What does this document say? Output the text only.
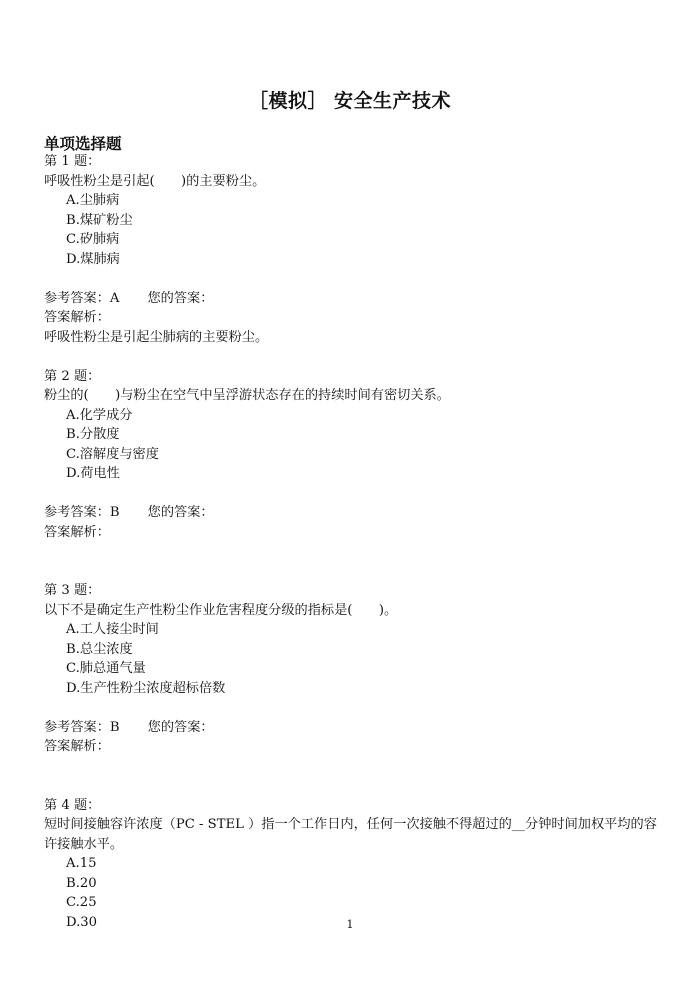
［模拟］ 安全生产技术
单项选择题
第 1 题：
呼吸性粉尘是引起(　　)的主要粉尘。
A.尘肺病
B.煤矿粉尘
C.矽肺病
D.煤肺病
参考答案：A 您的答案：
答案解析：
呼吸性粉尘是引起尘肺病的主要粉尘。
第 2 题：
粉尘的(　　)与粉尘在空气中呈浮游状态存在的持续时间有密切关系。
A.化学成分
B.分散度
C.溶解度与密度
D.荷电性
参考答案：B 您的答案：
答案解析：
第 3 题：
以下不是确定生产性粉尘作业危害程度分级的指标是(　　)。
A.工人接尘时间
B.总尘浓度
C.肺总通气量
D.生产性粉尘浓度超标倍数
参考答案：B 您的答案：
答案解析：
第 4 题：
短时间接触容许浓度（PC - STEL ）指一个工作日内，任何一次接触不得超过的__分钟时间加权平均的容许接触水平。
A.15
B.20
C.25
D.30	1
